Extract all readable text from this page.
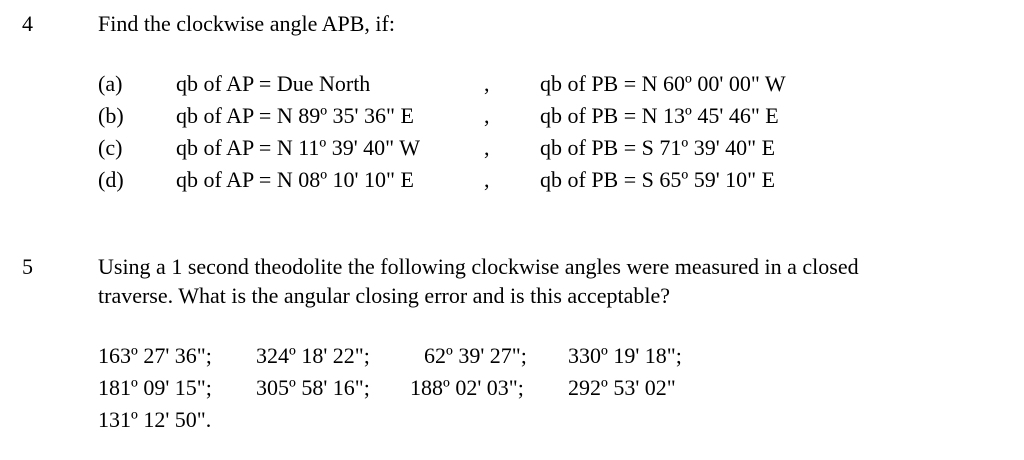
4	Find the clockwise angle APB, if:
(a) qb of AP = Due North	, qb of PB = N 60º 00' 00" W
(b) qb of AP = N 89º 35' 36" E	, qb of PB = N 13º 45' 46" E
(c) qb of AP = N 11º 39' 40" W	, qb of PB = S 71º 39' 40" E
(d) qb of AP = N 08º 10' 10" E	, qb of PB = S 65º 59' 10" E
5	Using a 1 second theodolite the following clockwise angles were measured in a closed
traverse. What is the angular closing error and is this acceptable?
163º 27' 36"; 324º 18' 22"; 62º 39' 27"; 330º 19' 18";
181º 09' 15"; 305º 58' 16"; 188º 02' 03"; 292º 53' 02"
131º 12' 50".
